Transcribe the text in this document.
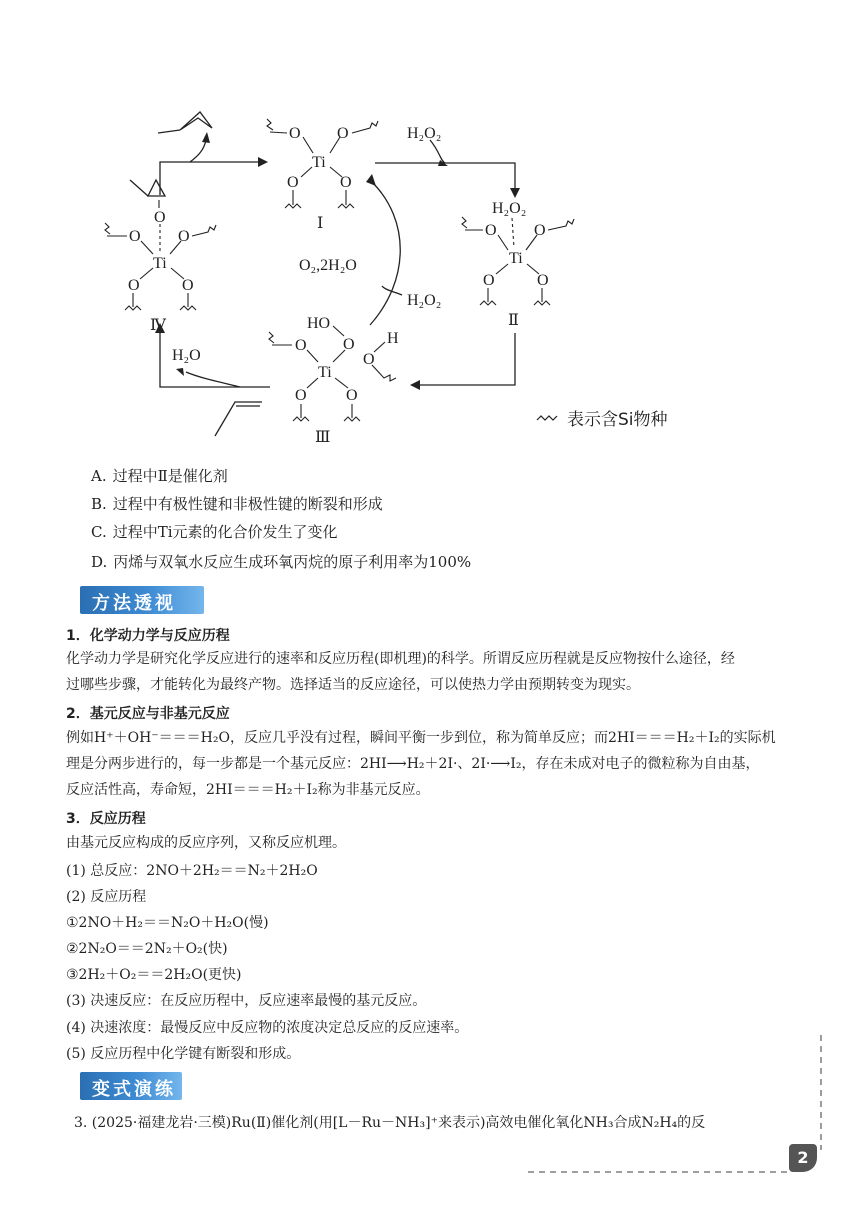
Ti
O O
O	O
Ⅰ
H₂O₂
Ti
O O
O	O
Ⅱ
HO
O
O
Ti
O O
O
H
Ⅲ
O
O O
Ti
O	O
Ⅳ
H₂O₂
H₂O₂
O₂,2H₂O
H₂O
表示含Si物种
A. 过程中Ⅱ是催化剂
B. 过程中有极性键和非极性键的断裂和形成
C. 过程中Ti元素的化合价发生了变化
D. 丙烯与双氧水反应生成环氧丙烷的原子利用率为100%
方法透视
1．化学动力学与反应历程
化学动力学是研究化学反应进行的速率和反应历程(即机理)的科学。所谓反应历程就是反应物按什么途径，经
过哪些步骤，才能转化为最终产物。选择适当的反应途径，可以使热力学由预期转变为现实。
2．基元反应与非基元反应
例如H⁺＋OH⁻＝＝＝H₂O，反应几乎没有过程，瞬间平衡一步到位，称为简单反应；而2HI＝＝＝H₂＋I₂的实际机
理是分两步进行的，每一步都是一个基元反应：2HI⟶H₂＋2I·、2I·⟶I₂，存在未成对电子的微粒称为自由基，
反应活性高，寿命短，2HI＝＝＝H₂＋I₂称为非基元反应。
3．反应历程
由基元反应构成的反应序列，又称反应机理。
(1) 总反应：2NO＋2H₂＝＝N₂＋2H₂O
(2) 反应历程
①2NO＋H₂＝＝N₂O＋H₂O(慢)
②2N₂O＝＝2N₂＋O₂(快)
③2H₂＋O₂＝＝2H₂O(更快)
(3) 决速反应：在反应历程中，反应速率最慢的基元反应。
(4) 决速浓度：最慢反应中反应物的浓度决定总反应的反应速率。
(5) 反应历程中化学键有断裂和形成。
变式演练
3. (2025·福建龙岩·三模)Ru(Ⅱ)催化剂(用[L－Ru－NH₃]⁺来表示)高效电催化氧化NH₃合成N₂H₄的反
2
